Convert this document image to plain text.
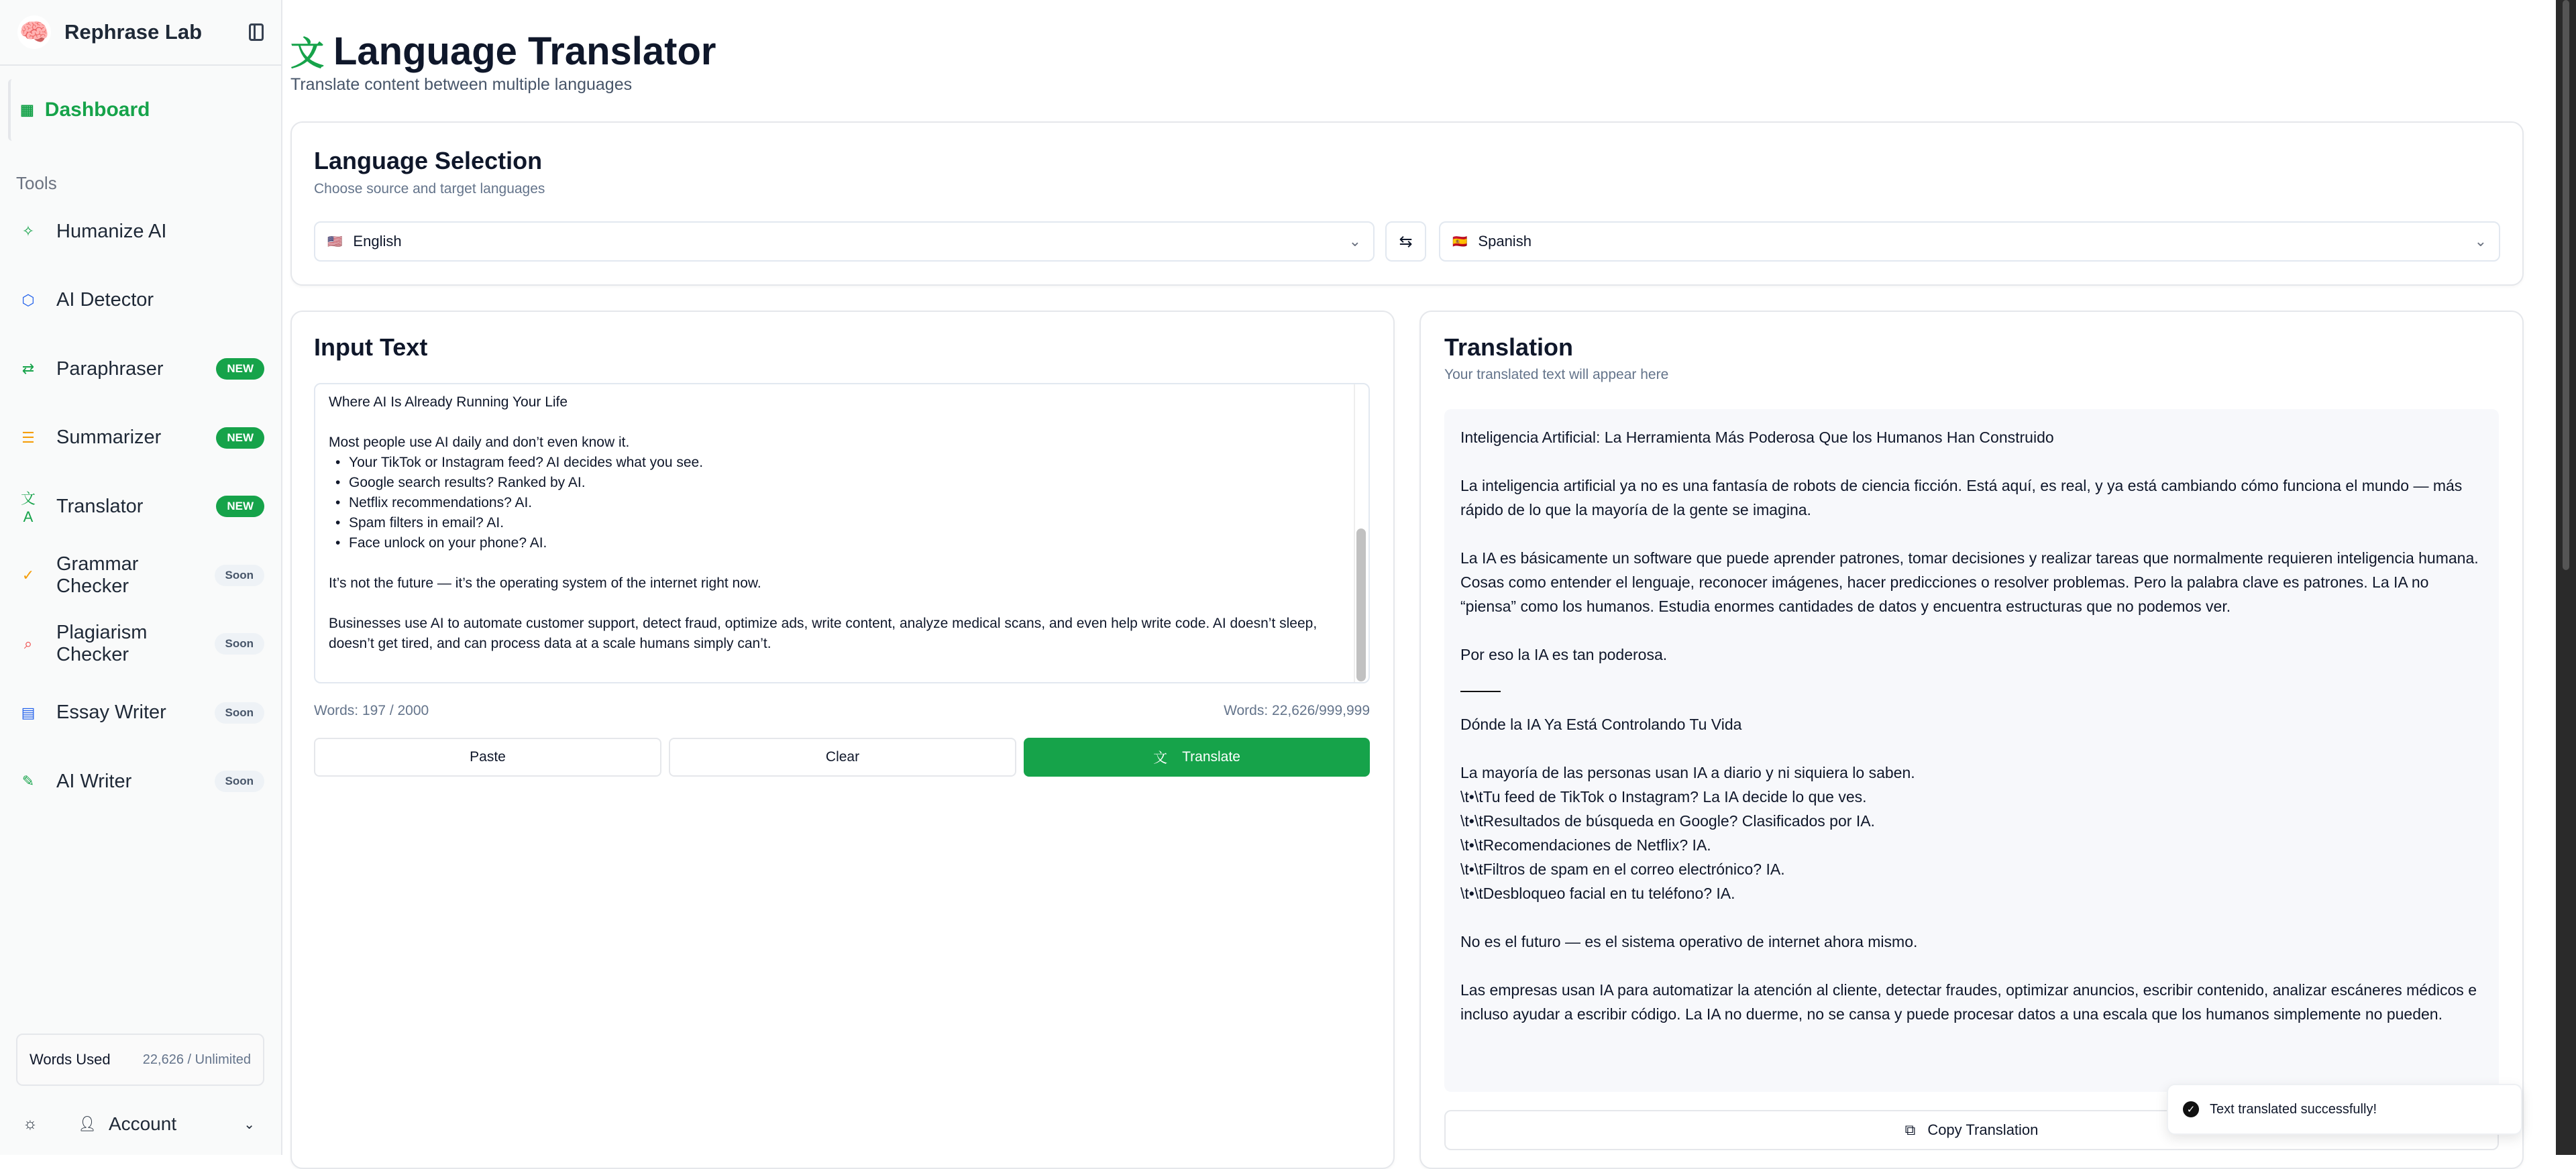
🧠 Rephrase Lab
▦ Dashboard
Tools
✧	Humanize AI
⬡ AI Detector
⇄	Paraphraser	NEW
☰ Summarizer	NEW
文A	Translator	NEW
✓
Grammar Checker
Soon
⌕
Plagiarism Checker
Soon
▤ Essay Writer	Soon
✎	AI Writer	Soon
Words Used 22,626 / Unlimited
☼	👤︎ Account	⌄
文 Language Translator
Translate content between multiple languages
Language Selection
Choose source and target languages
🇺🇸 English	⌄ ⇆	🇪🇸 Spanish	⌄
Input Text
Where AI Is Already Running Your Life
Most people use AI daily and don’t even know it.
• Your TikTok or Instagram feed? AI decides what you see.
• Google search results? Ranked by AI.
• Netflix recommendations? AI.
• Spam filters in email? AI.
• Face unlock on your phone? AI.
It’s not the future — it’s the operating system of the internet right now.
Businesses use AI to automate customer support, detect fraud, optimize ads, write content, analyze medical scans, and even help write code. AI doesn’t sleep, doesn’t get tired, and can process data at a scale humans simply can’t.
Words: 197 / 2000	Words: 22,626/999,999
Paste	Clear	文 Translate
Translation
Your translated text will appear here
Inteligencia Artificial: La Herramienta Más Poderosa Que los Humanos Han Construido
La inteligencia artificial ya no es una fantasía de robots de ciencia ficción. Está aquí, es real, y ya está cambiando cómo funciona el mundo — más rápido de lo que la mayoría de la gente se imagina.
La IA es básicamente un software que puede aprender patrones, tomar decisiones y realizar tareas que normalmente requieren inteligencia humana. Cosas como entender el lenguaje, reconocer imágenes, hacer predicciones o resolver problemas. Pero la palabra clave es patrones. La IA no “piensa” como los humanos. Estudia enormes cantidades de datos y encuentra estructuras que no podemos ver.
Por eso la IA es tan poderosa.
Dónde la IA Ya Está Controlando Tu Vida
La mayoría de las personas usan IA a diario y ni siquiera lo saben.
\t•\tTu feed de TikTok o Instagram? La IA decide lo que ves.
\t•\tResultados de búsqueda en Google? Clasificados por IA.
\t•\tRecomendaciones de Netflix? IA.
\t•\tFiltros de spam en el correo electrónico? IA.
\t•\tDesbloqueo facial en tu teléfono? IA.
No es el futuro — es el sistema operativo de internet ahora mismo.
Las empresas usan IA para automatizar la atención al cliente, detectar fraudes, optimizar anuncios, escribir contenido, analizar escáneres médicos e incluso ayudar a escribir código. La IA no duerme, no se cansa y puede procesar datos a una escala que los humanos simplemente no pueden.
⧉ Copy Translation
✓ Text translated successfully!
